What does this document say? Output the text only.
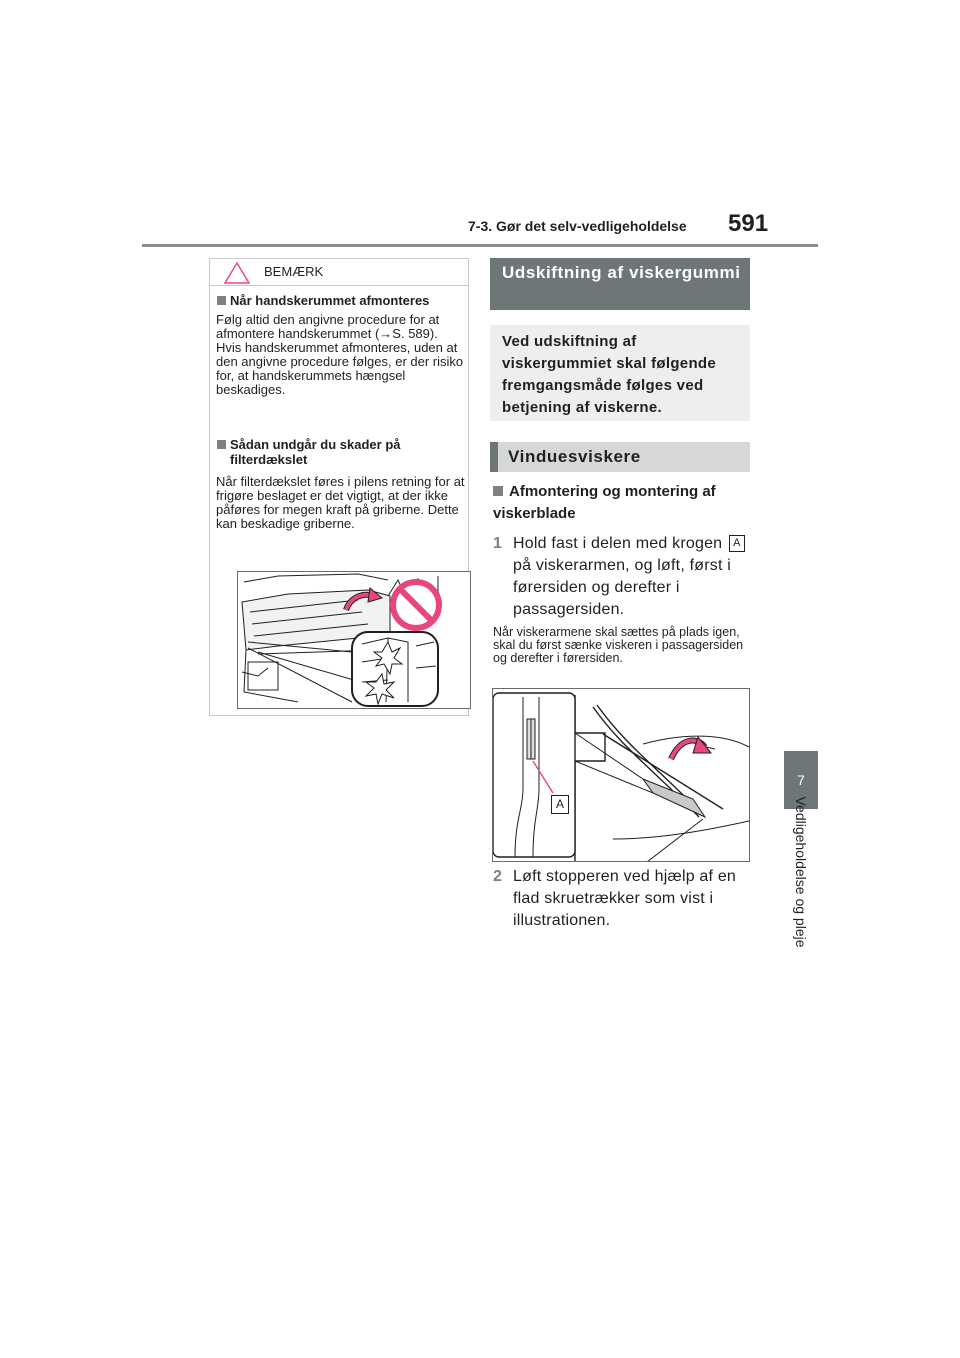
7-3. Gør det selv-vedligeholdelse 591
7
Vedligeholdelse og pleje
BEMÆRK
Når handskerummet afmonteres
Følg altid den angivne procedure for at afmontere handskerummet (→S. 589). Hvis handskerummet afmonteres, uden at den angivne procedure følges, er der risiko for, at handskerummets hængsel beskadiges.
Sådan undgår du skader på filterdækslet
Når filterdækslet føres i pilens retning for at frigøre beslaget er det vigtigt, at der ikke påføres for megen kraft på griberne. Dette kan beskadige griberne.
Udskiftning af viskergummi
Ved udskiftning af viskergummiet skal følgende fremgangsmåde følges ved betjening af viskerne.
Vinduesviskere
Afmontering og montering af viskerblade
1 Hold fast i delen med krogen A på viskerarmen, og løft, først i førersiden og derefter i passagersiden.
Når viskerarmene skal sættes på plads igen, skal du først sænke viskeren i passagersiden og derefter i førersiden.
A
2 Løft stopperen ved hjælp af en flad skruetrækker som vist i illustrationen.
